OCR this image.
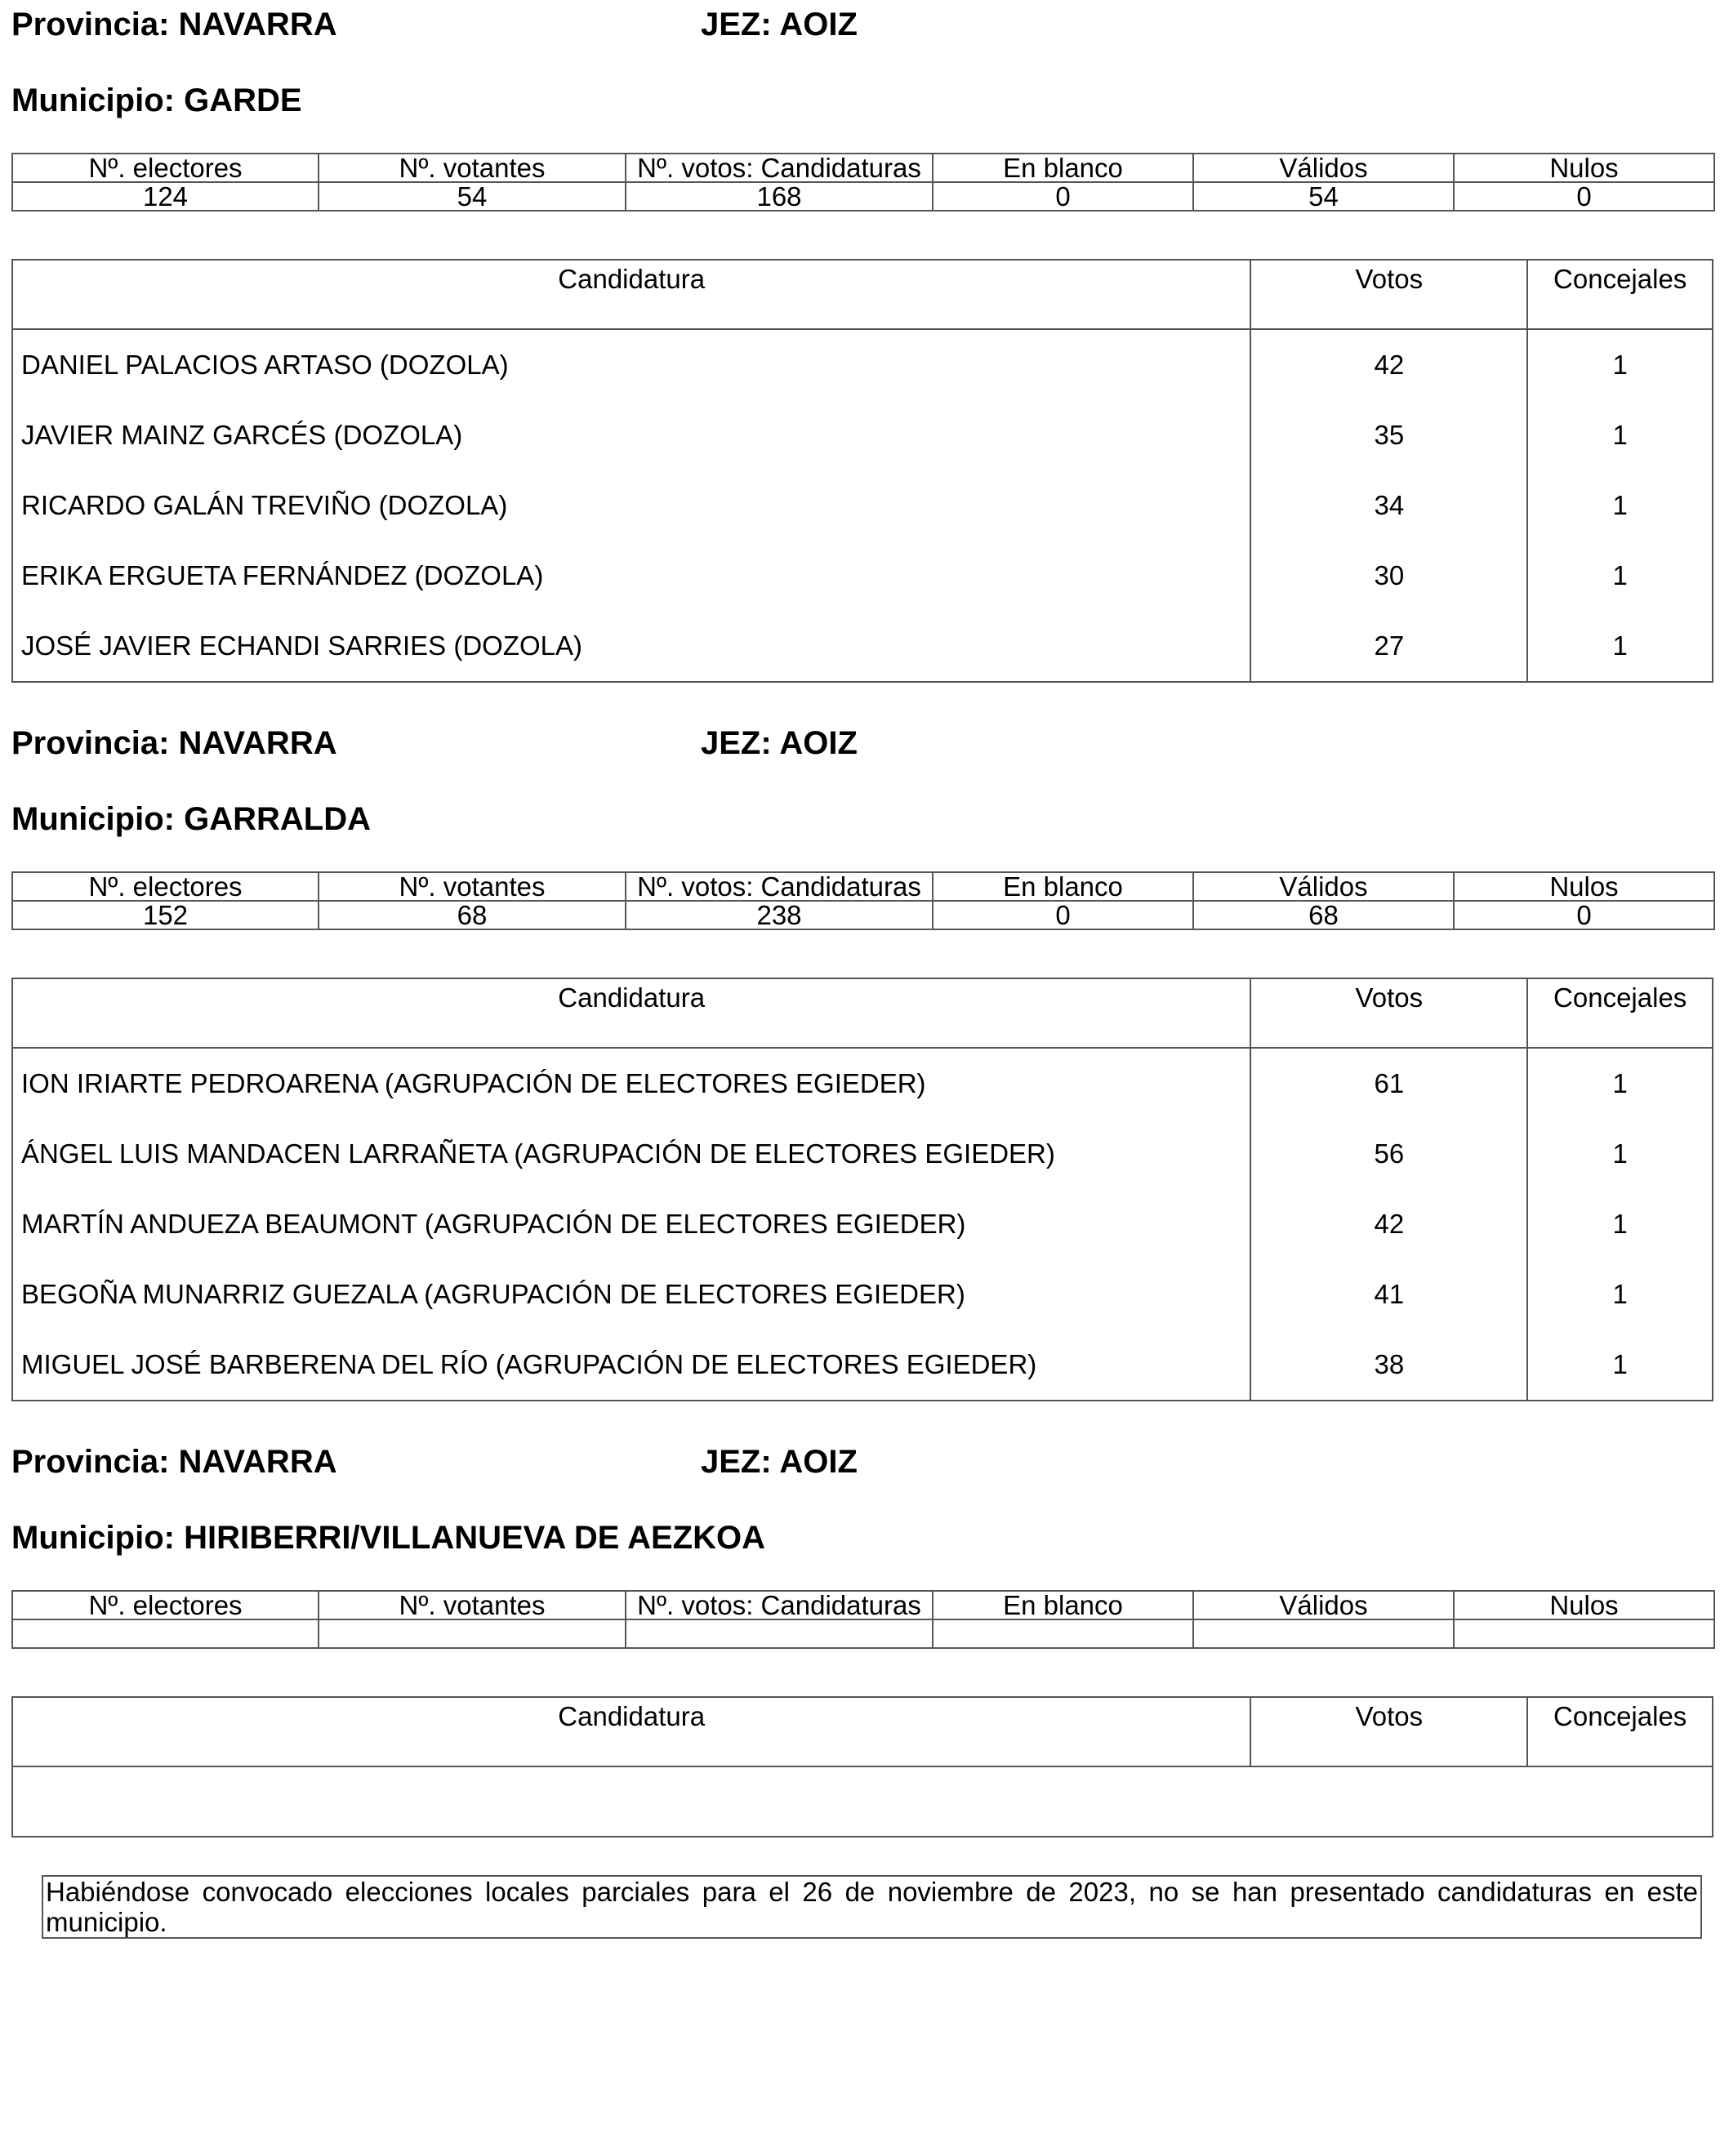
Provincia: NAVARRA	JEZ: AOIZ
Municipio: GARDE
Nº. electores	Nº. votantes	Nº. votos: Candidaturas	En blanco	Válidos	Nulos
124	54	168	0	54	0
Candidatura	Votos	Concejales
DANIEL PALACIOS ARTASO (DOZOLA)	42	1
JAVIER MAINZ GARCÉS (DOZOLA)	35	1
RICARDO GALÁN TREVIÑO (DOZOLA)	34	1
ERIKA ERGUETA FERNÁNDEZ (DOZOLA)	30	1
JOSÉ JAVIER ECHANDI SARRIES (DOZOLA)	27	1
Provincia: NAVARRA	JEZ: AOIZ
Municipio: GARRALDA
Nº. electores	Nº. votantes	Nº. votos: Candidaturas	En blanco	Válidos	Nulos
152	68	238	0	68	0
Candidatura	Votos	Concejales
ION IRIARTE PEDROARENA (AGRUPACIÓN DE ELECTORES EGIEDER)	61	1
ÁNGEL LUIS MANDACEN LARRAÑETA (AGRUPACIÓN DE ELECTORES EGIEDER)	56	1
MARTÍN ANDUEZA BEAUMONT (AGRUPACIÓN DE ELECTORES EGIEDER)	42	1
BEGOÑA MUNARRIZ GUEZALA (AGRUPACIÓN DE ELECTORES EGIEDER)	41	1
MIGUEL JOSÉ BARBERENA DEL RÍO (AGRUPACIÓN DE ELECTORES EGIEDER)	38	1
Provincia: NAVARRA	JEZ: AOIZ
Municipio: HIRIBERRI/VILLANUEVA DE AEZKOA
Nº. electores	Nº. votantes	Nº. votos: Candidaturas	En blanco	Válidos	Nulos

Candidatura	Votos	Concejales

Habiéndose convocado elecciones locales parciales para el 26 de noviembre de 2023, no se han presentado candidaturas en este municipio.
